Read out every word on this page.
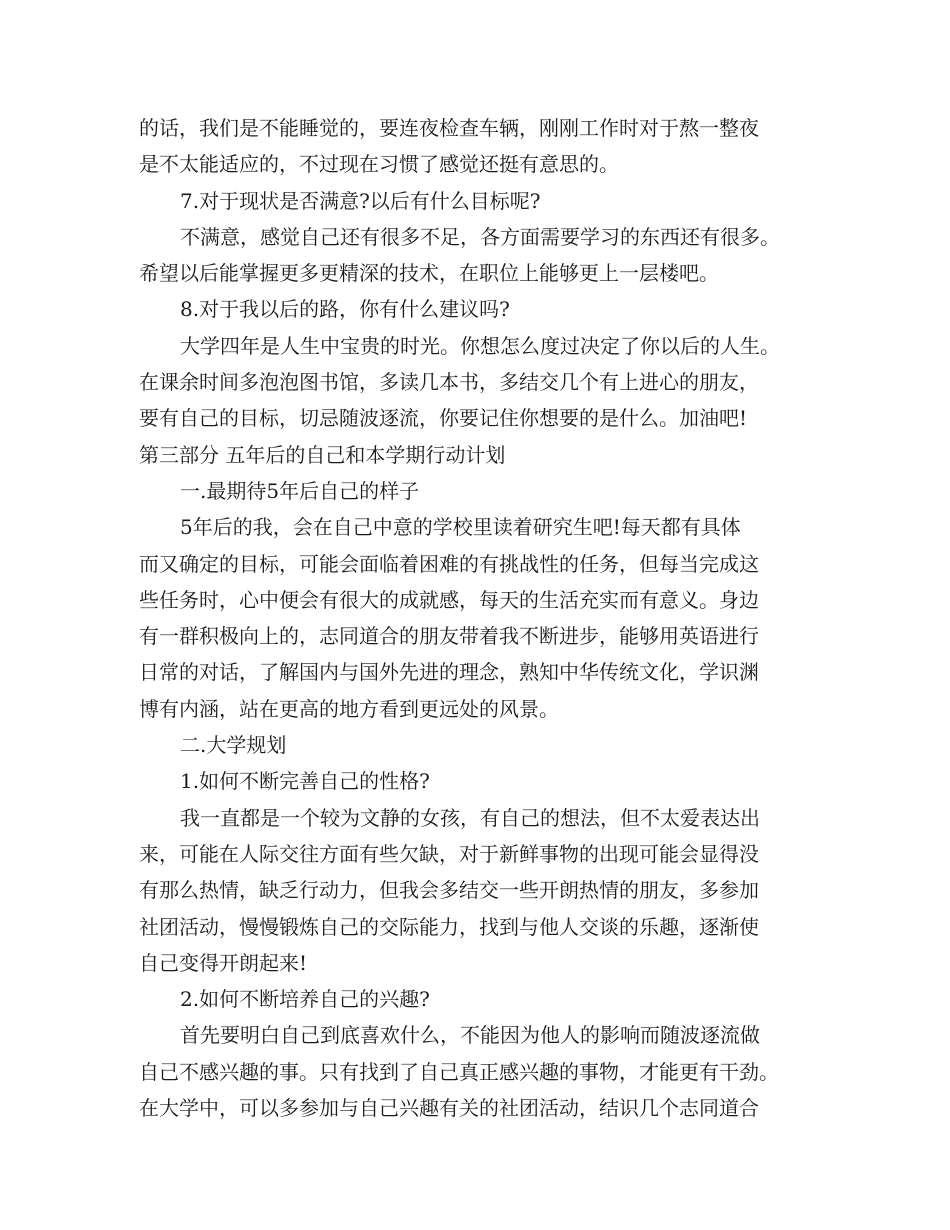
的话，我们是不能睡觉的，要连夜检查车辆，刚刚工作时对于熬一整夜
是不太能适应的，不过现在习惯了感觉还挺有意思的。
7.对于现状是否满意?以后有什么目标呢?
不满意，感觉自己还有很多不足，各方面需要学习的东西还有很多。
希望以后能掌握更多更精深的技术，在职位上能够更上一层楼吧。
8.对于我以后的路，你有什么建议吗?
大学四年是人生中宝贵的时光。你想怎么度过决定了你以后的人生。
在课余时间多泡泡图书馆，多读几本书，多结交几个有上进心的朋友，
要有自己的目标，切忌随波逐流，你要记住你想要的是什么。加油吧!
第三部分 五年后的自己和本学期行动计划
一.最期待5年后自己的样子
5年后的我，会在自己中意的学校里读着研究生吧!每天都有具体
而又确定的目标，可能会面临着困难的有挑战性的任务，但每当完成这
些任务时，心中便会有很大的成就感，每天的生活充实而有意义。身边
有一群积极向上的，志同道合的朋友带着我不断进步，能够用英语进行
日常的对话，了解国内与国外先进的理念，熟知中华传统文化，学识渊
博有内涵，站在更高的地方看到更远处的风景。
二.大学规划
1.如何不断完善自己的性格?
我一直都是一个较为文静的女孩，有自己的想法，但不太爱表达出
来，可能在人际交往方面有些欠缺，对于新鲜事物的出现可能会显得没
有那么热情，缺乏行动力，但我会多结交一些开朗热情的朋友，多参加
社团活动，慢慢锻炼自己的交际能力，找到与他人交谈的乐趣，逐渐使
自己变得开朗起来!
2.如何不断培养自己的兴趣?
首先要明白自己到底喜欢什么，不能因为他人的影响而随波逐流做
自己不感兴趣的事。只有找到了自己真正感兴趣的事物，才能更有干劲。
在大学中，可以多参加与自己兴趣有关的社团活动，结识几个志同道合
